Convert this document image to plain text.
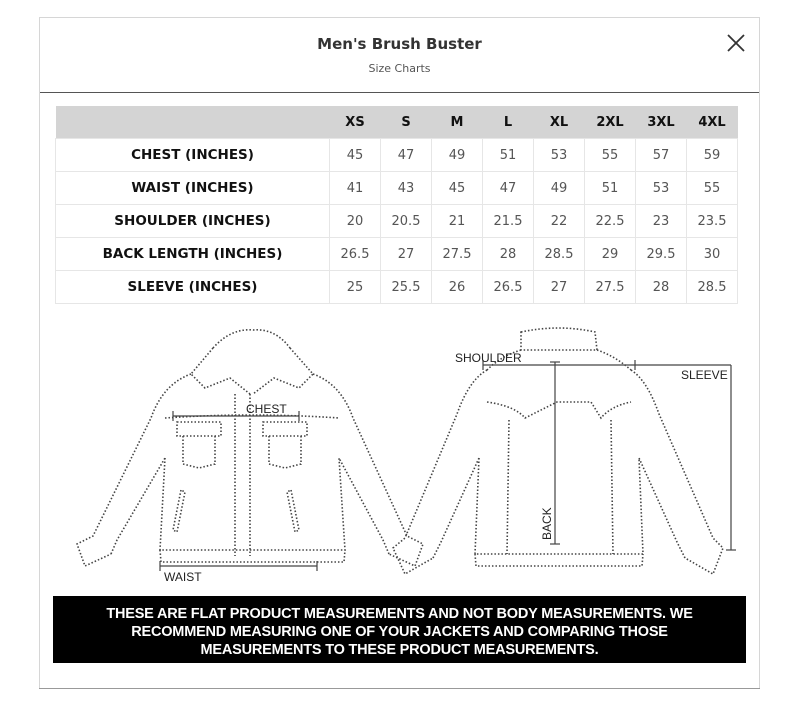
Men's Brush Buster
Size Charts
	XS	S	M	L	XL	2XL	3XL	4XL
CHEST (INCHES)	45	47	49	51	53	55	57	59
WAIST (INCHES)	41	43	45	47	49	51	53	55
SHOULDER (INCHES)	20	20.5	21	21.5	22	22.5	23	23.5
BACK LENGTH (INCHES)	26.5	27	27.5	28	28.5	29	29.5	30
SLEEVE (INCHES)	25	25.5	26	26.5	27	27.5	28	28.5
CHEST
WAIST
SHOULDER
SLEEVE
BACK
THESE ARE FLAT PRODUCT MEASUREMENTS AND NOT BODY MEASUREMENTS. WE
RECOMMEND MEASURING ONE OF YOUR JACKETS AND COMPARING THOSE
MEASUREMENTS TO THESE PRODUCT MEASUREMENTS.
